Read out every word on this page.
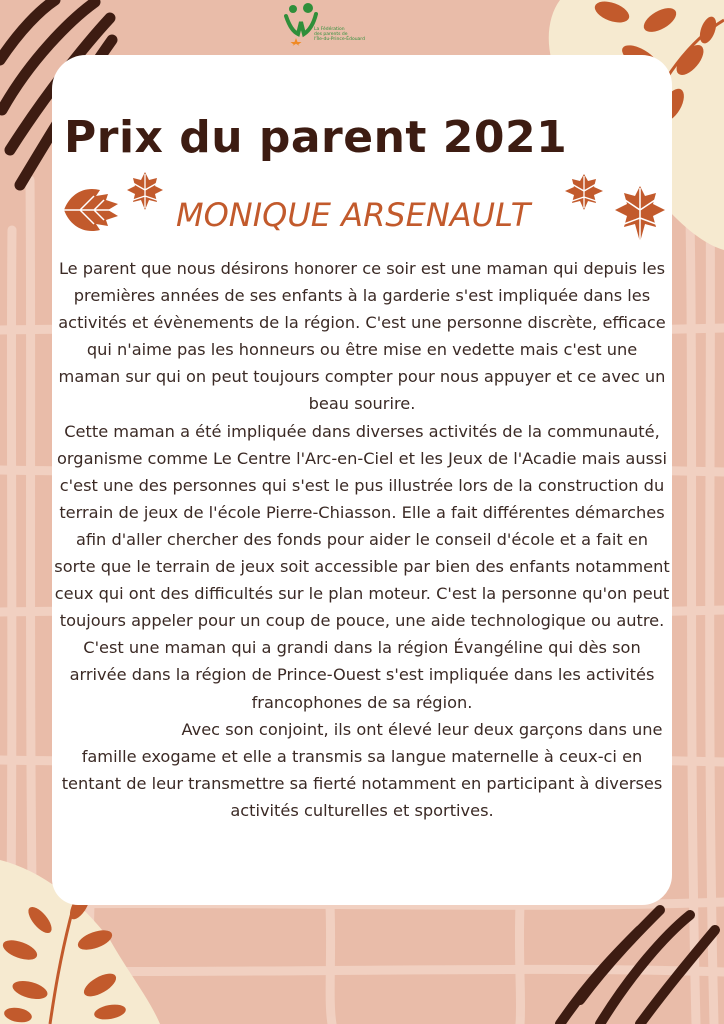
La Fédération
des parents de
l'Île-du-Prince-Édouard
Prix du parent 2021
MONIQUE ARSENAULT

Le parent que nous désirons honorer ce soir est une maman qui depuis les premières années de ses enfants à la garderie s'est impliquée dans les activités et évènements de la région. C'est une personne discrète, efficace qui n'aime pas les honneurs ou être mise en vedette mais c'est une maman sur qui on peut toujours compter pour nous appuyer et ce avec un beau sourire.

Cette maman a été impliquée dans diverses activités de la communauté, organisme comme Le Centre l'Arc-en-Ciel et les Jeux de l'Acadie mais aussi c'est une des personnes qui s'est le pus illustrée lors de la construction du terrain de jeux de l'école Pierre-Chiasson. Elle a fait différentes démarches afin d'aller chercher des fonds pour aider le conseil d'école et a fait en sorte que le terrain de jeux soit accessible par bien des enfants notamment ceux qui ont des difficultés sur le plan moteur. C'est la personne qu'on peut toujours appeler pour un coup de pouce, une aide technologique ou autre.

C'est une maman qui a grandi dans la région Évangéline qui dès son arrivée dans la région de Prince-Ouest s'est impliquée dans les activités francophones de sa région.

Avec son conjoint, ils ont élevé leur deux garçons dans une famille exogame et elle a transmis sa langue maternelle à ceux-ci en tentant de leur transmettre sa fierté notamment en participant à diverses activités culturelles et sportives.
